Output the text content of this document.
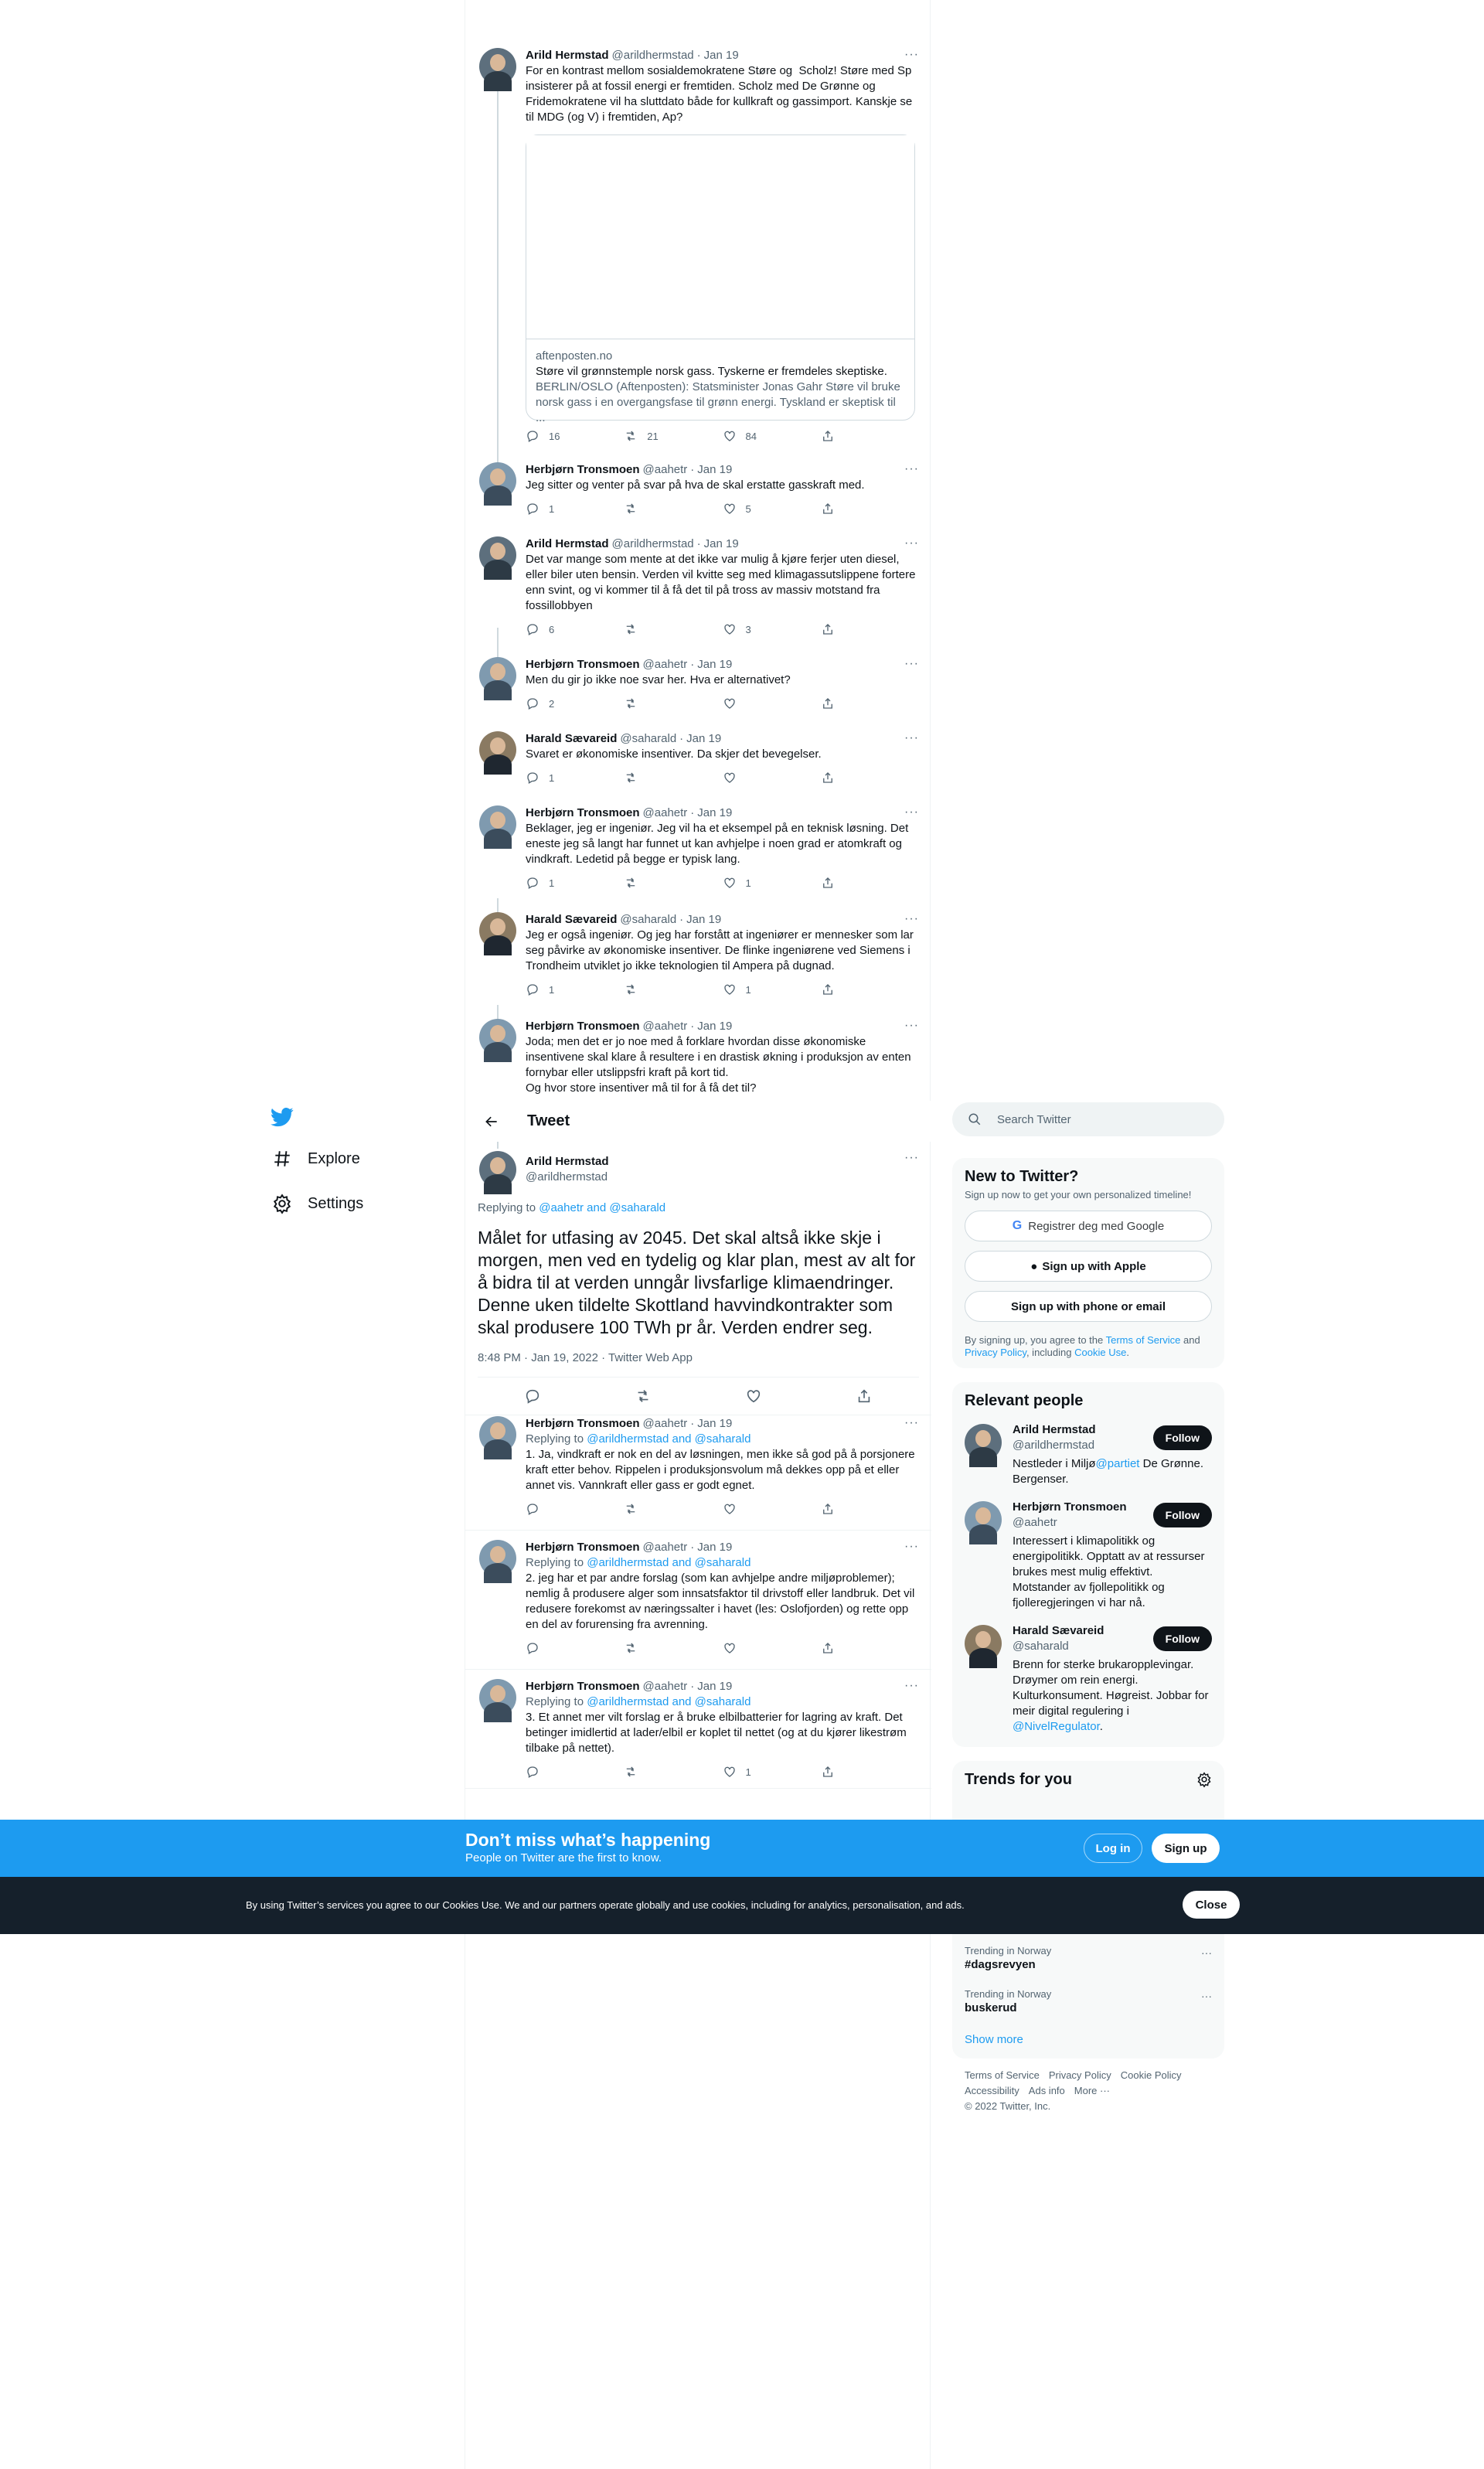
···
Arild Hermstad @arildhermstad · Jan 19
For en kontrast mellom sosialdemokratene Støre og  Scholz! Støre med Sp insisterer på at fossil energi er fremtiden. Scholz med De Grønne og Fridemokratene vil ha sluttdato både for kullkraft og gassimport. Kanskje se til MDG (og V) i fremtiden, Ap?
aftenposten.no
Støre vil grønnstemple norsk gass. Tyskerne er fremdeles skeptiske.
BERLIN/OSLO (Aftenposten): Statsminister Jonas Gahr Støre vil bruke norsk gass i en overgangsfase til grønn energi. Tyskland er skeptisk til ...
16	21	84
···
Herbjørn Tronsmoen @aahetr · Jan 19
Jeg sitter og venter på svar på hva de skal erstatte gasskraft med.
1	5
···
Arild Hermstad @arildhermstad · Jan 19
Det var mange som mente at det ikke var mulig å kjøre ferjer uten diesel, eller biler uten bensin. Verden vil kvitte seg med klimagassutslippene fortere enn svint, og vi kommer til å få det til på tross av massiv motstand fra fossillobbyen
6	3
···
Herbjørn Tronsmoen @aahetr · Jan 19
Men du gir jo ikke noe svar her. Hva er alternativet?
2
···
Harald Sævareid @saharald · Jan 19
Svaret er økonomiske insentiver. Da skjer det bevegelser.
1
···
Herbjørn Tronsmoen @aahetr · Jan 19
Beklager, jeg er ingeniør. Jeg vil ha et eksempel på en teknisk løsning. Det eneste jeg så langt har funnet ut kan avhjelpe i noen grad er atomkraft og vindkraft. Ledetid på begge er typisk lang.
1	1
···
Harald Sævareid @saharald · Jan 19
Jeg er også ingeniør. Og jeg har forstått at ingeniører er mennesker som lar seg påvirke av økonomiske insentiver. De flinke ingeniørene ved Siemens i Trondheim utviklet jo ikke teknologien til Ampera på dugnad.
1	1
···
Herbjørn Tronsmoen @aahetr · Jan 19
Joda; men det er jo noe med å forklare hvordan disse økonomiske insentivene skal klare å resultere i en drastisk økning i produksjon av enten fornybar eller utslippsfri kraft på kort tid.
Og hvor store insentiver må til for å få det til?
Tweet
···
Arild Hermstad
@arildhermstad
Replying to @aahetr and @saharald
Målet for utfasing av 2045. Det skal altså ikke skje i morgen, men ved en tydelig og klar plan, mest av alt for å bidra til at verden unngår livsfarlige klimaendringer. Denne uken tildelte Skottland havvindkontrakter som skal produsere 100 TWh pr år. Verden endrer seg.
8:48 PM · Jan 19, 2022 · Twitter Web App
···
Herbjørn Tronsmoen @aahetr · Jan 19
Replying to @arildhermstad and @saharald
1. Ja, vindkraft er nok en del av løsningen, men ikke så god på å porsjonere kraft etter behov. Rippelen i produksjonsvolum må dekkes opp på et eller annet vis. Vannkraft eller gass er godt egnet.
···
Herbjørn Tronsmoen @aahetr · Jan 19
Replying to @arildhermstad and @saharald
2. jeg har et par andre forslag (som kan avhjelpe andre miljøproblemer); nemlig å produsere alger som innsatsfaktor til drivstoff eller landbruk. Det vil redusere forekomst av næringssalter i havet (les: Oslofjorden) og rette opp en del av forurensing fra avrenning.
···
Herbjørn Tronsmoen @aahetr · Jan 19
Replying to @arildhermstad and @saharald
3. Et annet mer vilt forslag er å bruke elbilbatterier for lagring av kraft. Det betinger imidlertid at lader/elbil er koplet til nettet (og at du kjører likestrøm tilbake på nettet).
1
Explore
Settings
Search Twitter
New to Twitter?
Sign up now to get your own personalized timeline!
G Registrer deg med Google
● Sign up with Apple
Sign up with phone or email
By signing up, you agree to the Terms of Service and Privacy Policy, including Cookie Use.
Relevant people
Arild Hermstad
@arildhermstad
Nestleder i Miljø@partiet De Grønne. Bergenser.
Follow
Herbjørn Tronsmoen
@aahetr
Interessert i klimapolitikk og energipolitikk. Opptatt av at ressurser brukes mest mulig effektivt. Motstander av fjollepolitikk og fjolleregjeringen vi har nå.
Follow
Harald Sævareid
@saharald
Brenn for sterke brukaropplevingar. Drøymer om rein energi. Kulturkonsument. Høgreist. Jobbar for meir digital regulering i @NivelRegulator.
Follow
Trends for you
Trending in Norway
#dagsrevyen
···
Trending in Norway
buskerud
···
Show more
Terms of Service Privacy Policy Cookie Policy
Accessibility Ads info More ···
© 2022 Twitter, Inc.
Don’t miss what’s happening
People on Twitter are the first to know.
Log in	Sign up
By using Twitter’s services you agree to our Cookies Use. We and our partners operate globally and use cookies, including for analytics, personalisation, and ads.	Close
